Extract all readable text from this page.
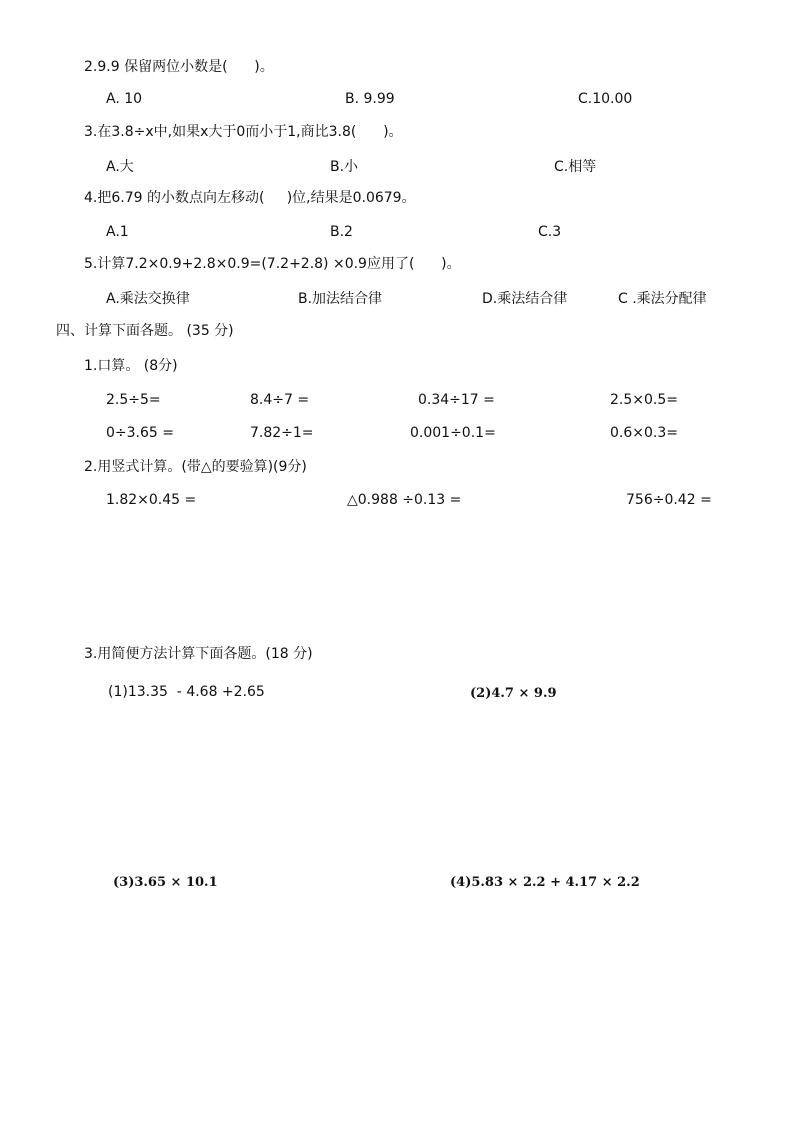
2.9.9 保留两位小数是(      )。
A. 10	B. 9.99	C.10.00
3.在3.8÷x中,如果x大于0而小于1,商比3.8(      )。
A.大	B.小	C.相等
4.把6.79 的小数点向左移动(     )位,结果是0.0679。
A.1	B.2	C.3
5.计算7.2×0.9+2.8×0.9=(7.2+2.8) ×0.9应用了(      )。
A.乘法交换律	B.加法结合律	D.乘法结合律	C .乘法分配律
四、计算下面各题。 (35 分)
1.口算。 (8分)
2.5÷5=	8.4÷7 =	0.34÷17 =	2.5×0.5=
0÷3.65 =	7.82÷1=	0.001÷0.1=	0.6×0.3=
2.用竖式计算。(带△的要验算)(9分)
1.82×0.45 =	△0.988 ÷0.13 =	756÷0.42 =
3.用简便方法计算下面各题。(18 分)
(1)13.35  - 4.68 +2.65	(2)4.7 × 9.9
(3)3.65 × 10.1	(4)5.83 × 2.2 + 4.17 × 2.2
